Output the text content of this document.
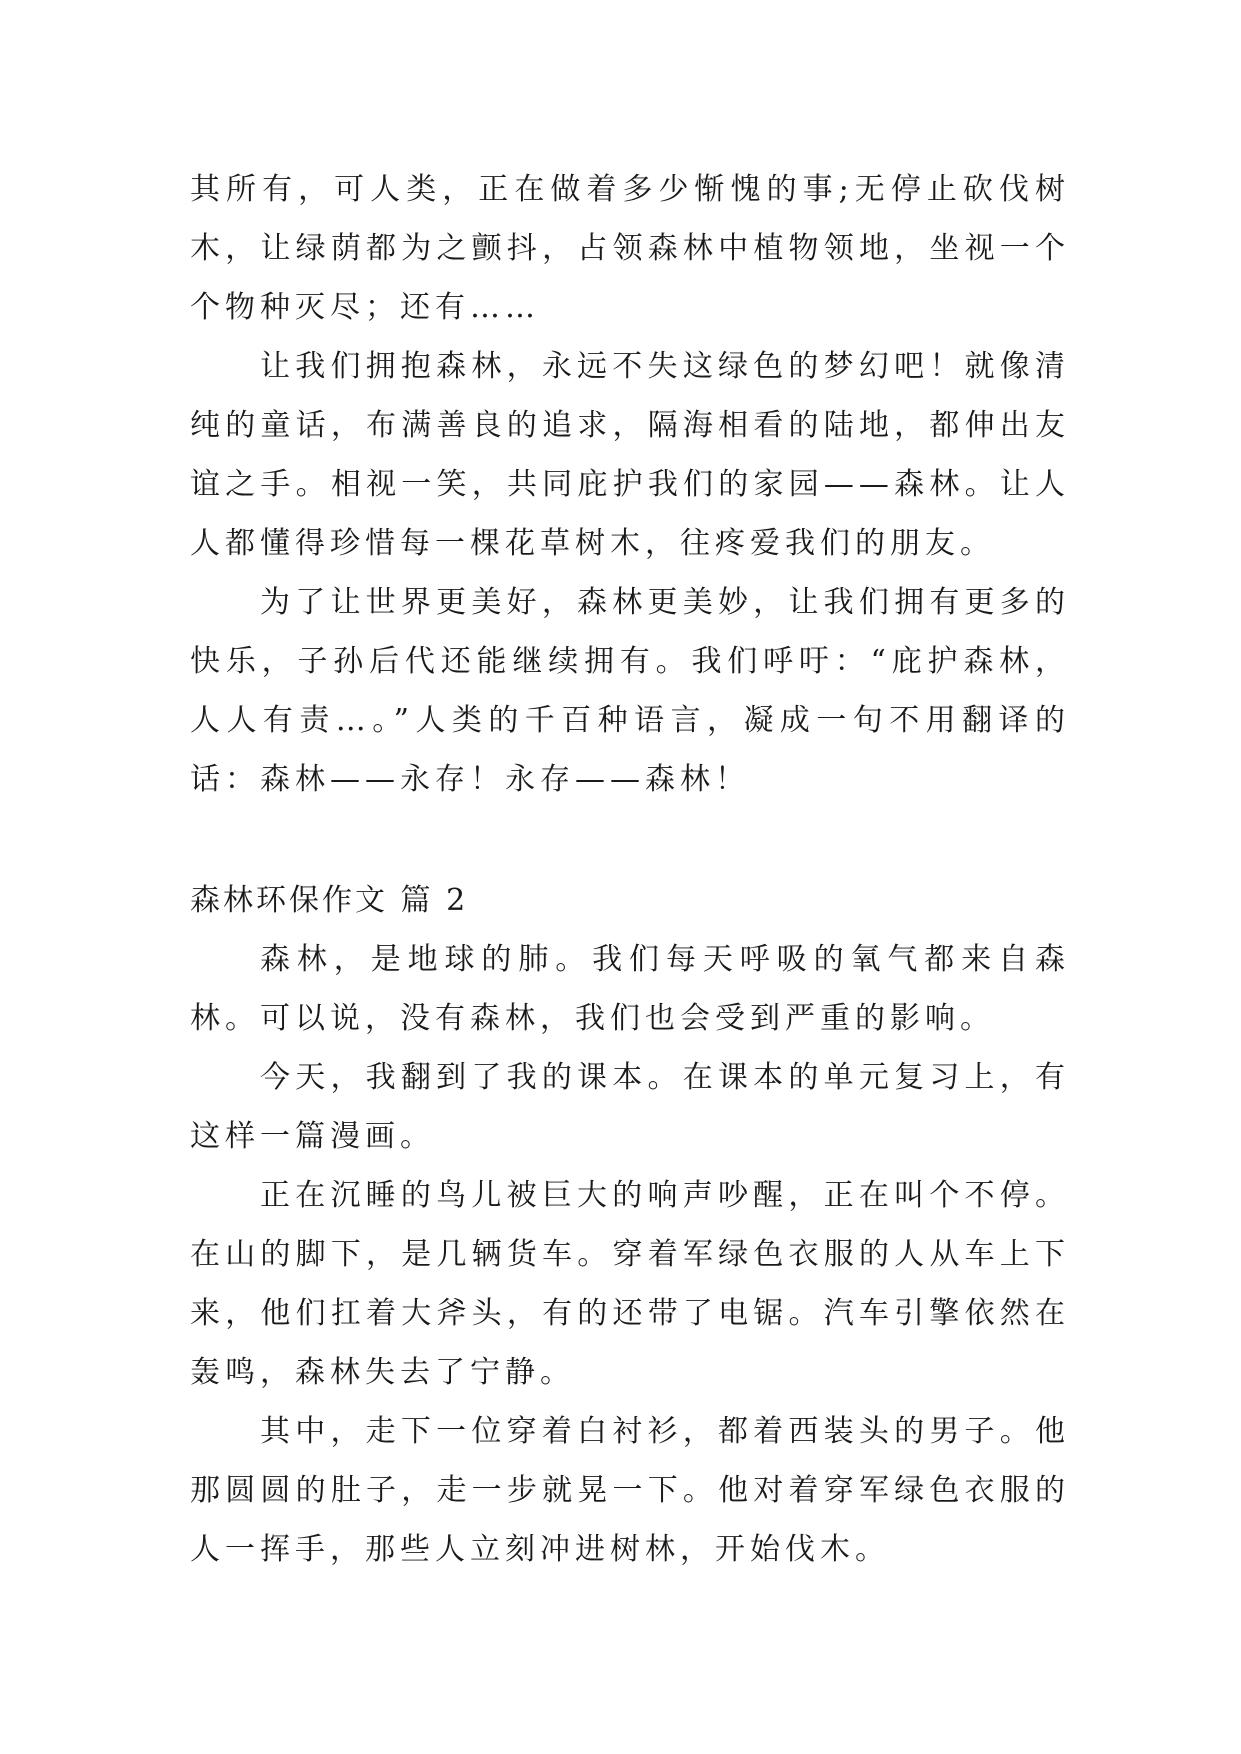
其所有，可人类，正在做着多少惭愧的事;无停止砍伐树木，让绿荫都为之颤抖，占领森林中植物领地，坐视一个个物种灭尽；还有……

让我们拥抱森林，永远不失这绿色的梦幻吧！就像清纯的童话，布满善良的追求，隔海相看的陆地，都伸出友谊之手。相视一笑，共同庇护我们的家园——森林。让人人都懂得珍惜每一棵花草树木，往疼爱我们的朋友。

为了让世界更美好，森林更美妙，让我们拥有更多的快乐，子孙后代还能继续拥有。我们呼吁：“庇护森林，人人有责…。”人类的千百种语言，凝成一句不用翻译的话：森林——永存！永存——森林！

森林环保作文 篇 2

森林，是地球的肺。我们每天呼吸的氧气都来自森林。可以说，没有森林，我们也会受到严重的影响。

今天，我翻到了我的课本。在课本的单元复习上，有这样一篇漫画。

正在沉睡的鸟儿被巨大的响声吵醒，正在叫个不停。在山的脚下，是几辆货车。穿着军绿色衣服的人从车上下来，他们扛着大斧头，有的还带了电锯。汽车引擎依然在轰鸣，森林失去了宁静。

其中，走下一位穿着白衬衫，都着西装头的男子。他那圆圆的肚子，走一步就晃一下。他对着穿军绿色衣服的人一挥手，那些人立刻冲进树林，开始伐木。
